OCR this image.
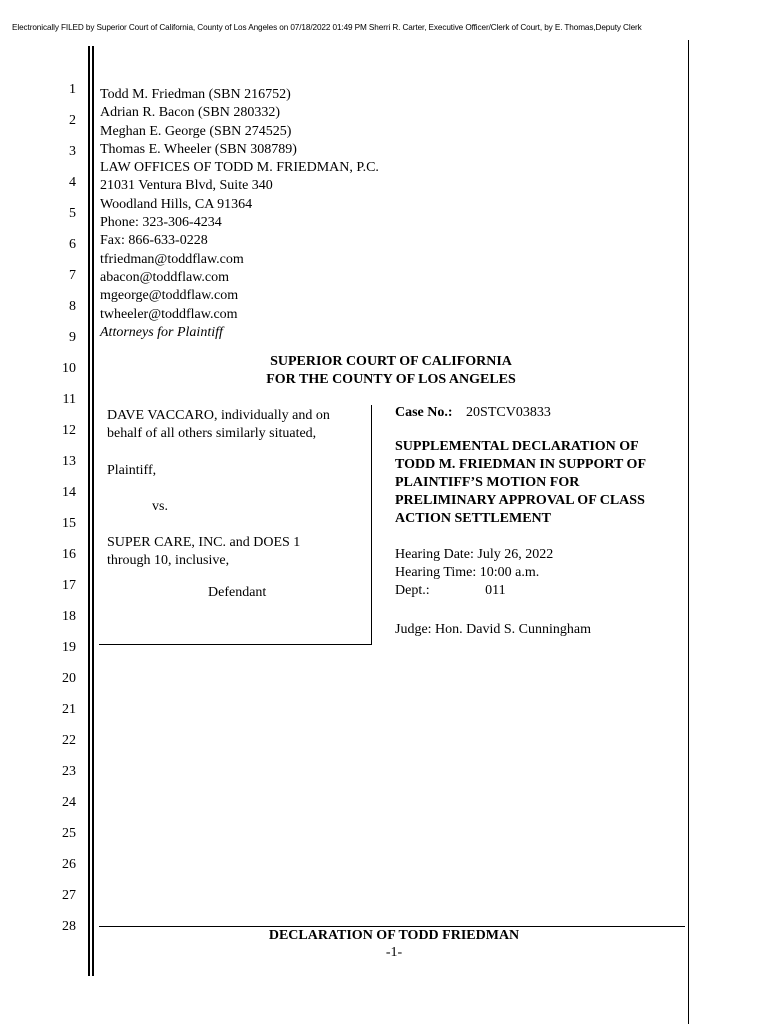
Electronically FILED by Superior Court of California, County of Los Angeles on 07/18/2022 01:49 PM Sherri R. Carter, Executive Officer/Clerk of Court, by E. Thomas,Deputy Clerk
1
2
3
4
5
6
7
8
9
10
11
12
13
14
15
16
17
18
19
20
21
22
23
24
25
26
27
28
Todd M. Friedman (SBN 216752)
Adrian R. Bacon (SBN 280332)
Meghan E. George (SBN 274525)
Thomas E. Wheeler (SBN 308789)
LAW OFFICES OF TODD M. FRIEDMAN, P.C.
21031 Ventura Blvd, Suite 340
Woodland Hills, CA 91364
Phone: 323-306-4234
Fax: 866-633-0228
tfriedman@toddflaw.com
abacon@toddflaw.com
mgeorge@toddflaw.com
twheeler@toddflaw.com
Attorneys for Plaintiff
SUPERIOR COURT OF CALIFORNIA
FOR THE COUNTY OF LOS ANGELES
DAVE VACCARO, individually and on
behalf of all others similarly situated,
Plaintiff,
vs.
SUPER CARE, INC. and DOES 1
through 10, inclusive,
Defendant
Case No.: 20STCV03833
SUPPLEMENTAL DECLARATION OF
TODD M. FRIEDMAN IN SUPPORT OF
PLAINTIFF’S MOTION FOR
PRELIMINARY APPROVAL OF CLASS
ACTION SETTLEMENT
Hearing Date: July 26, 2022
Hearing Time: 10:00 a.m.
Dept.:	011
Judge: Hon. David S. Cunningham
DECLARATION OF TODD FRIEDMAN
-1-
